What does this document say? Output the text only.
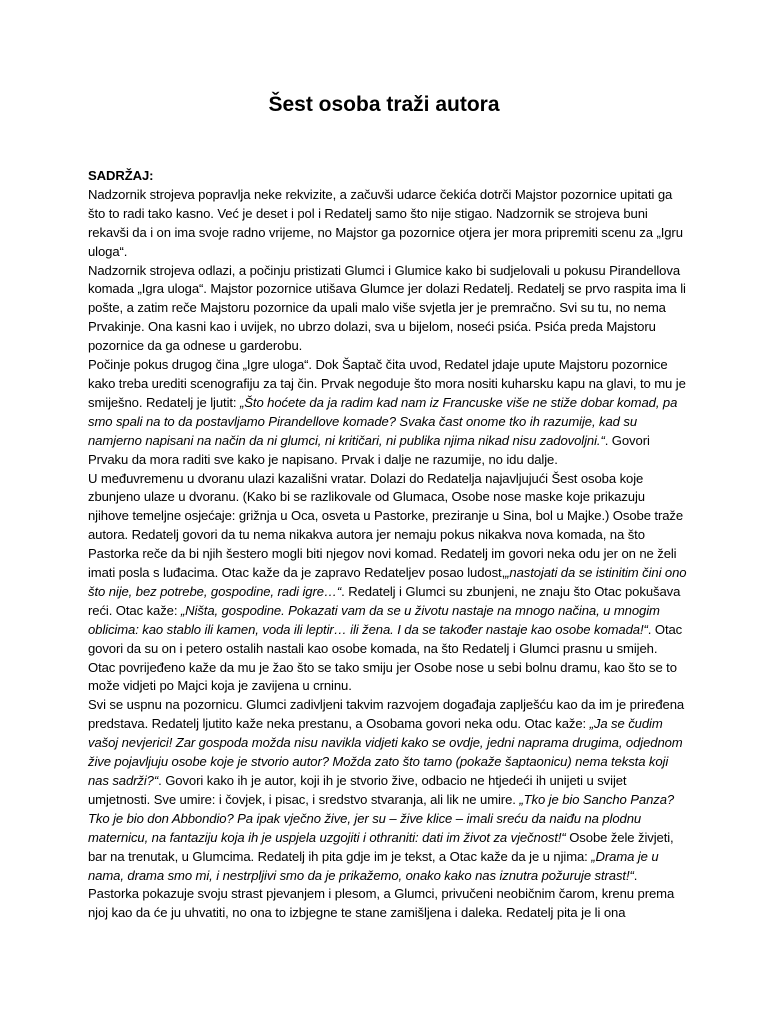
Šest osoba traži autora
SADRŽAJ:

Nadzornik strojeva popravlja neke rekvizite, a začuvši udarce čekića dotrči Majstor pozornice upitati ga što to radi tako kasno. Već je deset i pol i Redatelj samo što nije stigao. Nadzornik se strojeva buni rekavši da i on ima svoje radno vrijeme, no Majstor ga pozornice otjera jer mora pripremiti scenu za „Igru uloga“.

Nadzornik strojeva odlazi, a počinju pristizati Glumci i Glumice kako bi sudjelovali u pokusu Pirandellova komada „Igra uloga“. Majstor pozornice utišava Glumce jer dolazi Redatelj. Redatelj se prvo raspita ima li pošte, a zatim reče Majstoru pozornice da upali malo više svjetla jer je premračno. Svi su tu, no nema Prvakinje. Ona kasni kao i uvijek, no ubrzo dolazi, sva u bijelom, noseći psića. Psića preda Majstoru pozornice da ga odnese u garderobu.

Počinje pokus drugog čina „Igre uloga“. Dok Šaptač čita uvod, Redatel jdaje upute Majstoru pozornice kako treba urediti scenografiju za taj čin. Prvak negoduje što mora nositi kuharsku kapu na glavi, to mu je smiješno. Redatelj je ljutit: „Što hoćete da ja radim kad nam iz Francuske više ne stiže dobar komad, pa smo spali na to da postavljamo Pirandellove komade? Svaka čast onome tko ih razumije, kad su namjerno napisani na način da ni glumci, ni kritičari, ni publika njima nikad nisu zadovoljni.“. Govori Prvaku da mora raditi sve kako je napisano. Prvak i dalje ne razumije, no idu dalje.

U međuvremenu u dvoranu ulazi kazališni vratar. Dolazi do Redatelja najavljujući Šest osoba koje zbunjeno ulaze u dvoranu. (Kako bi se razlikovale od Glumaca, Osobe nose maske koje prikazuju njihove temeljne osjećaje: grižnja u Oca, osveta u Pastorke, preziranje u Sina, bol u Majke.) Osobe traže autora. Redatelj govori da tu nema nikakva autora jer nemaju pokus nikakva nova komada, na što Pastorka reče da bi njih šestero mogli biti njegov novi komad. Redatelj im govori neka odu jer on ne želi imati posla s luđacima. Otac kaže da je zapravo Redateljev posao ludost,„nastojati da se istinitim čini ono što nije, bez potrebe, gospodine, radi igre…“. Redatelj i Glumci su zbunjeni, ne znaju što Otac pokušava reći. Otac kaže: „Ništa, gospodine. Pokazati vam da se u životu nastaje na mnogo načina, u mnogim oblicima: kao stablo ili kamen, voda ili leptir… ili žena. I da se također nastaje kao osobe komada!“. Otac govori da su on i petero ostalih nastali kao osobe komada, na što Redatelj i Glumci prasnu u smijeh. Otac povrijeđeno kaže da mu je žao što se tako smiju jer Osobe nose u sebi bolnu dramu, kao što se to može vidjeti po Majci koja je zavijena u crninu.

Svi se uspnu na pozornicu. Glumci zadivljeni takvim razvojem događaja zaplješću kao da im je priređena predstava. Redatelj ljutito kaže neka prestanu, a Osobama govori neka odu. Otac kaže: „Ja se čudim vašoj nevjerici! Zar gospoda možda nisu navikla vidjeti kako se ovdje, jedni naprama drugima, odjednom žive pojavljuju osobe koje je stvorio autor? Možda zato što tamo (pokaže šaptaonicu) nema teksta koji nas sadrži?“. Govori kako ih je autor, koji ih je stvorio žive, odbacio ne htjedeći ih unijeti u svijet umjetnosti. Sve umire: i čovjek, i pisac, i sredstvo stvaranja, ali lik ne umire. „Tko je bio Sancho Panza? Tko je bio don Abbondio? Pa ipak vječno žive, jer su – žive klice – imali sreću da naiđu na plodnu maternicu, na fantaziju koja ih je uspjela uzgojiti i othraniti: dati im život za vječnost!“ Osobe žele živjeti, bar na trenutak, u Glumcima. Redatelj ih pita gdje im je tekst, a Otac kaže da je u njima: „Drama je u nama, drama smo mi, i nestrpljivi smo da je prikažemo, onako kako nas iznutra požuruje strast!“.

Pastorka pokazuje svoju strast pjevanjem i plesom, a Glumci, privučeni neobičnim čarom, krenu prema njoj kao da će ju uhvatiti, no ona to izbjegne te stane zamišljena i daleka. Redatelj pita je li ona
